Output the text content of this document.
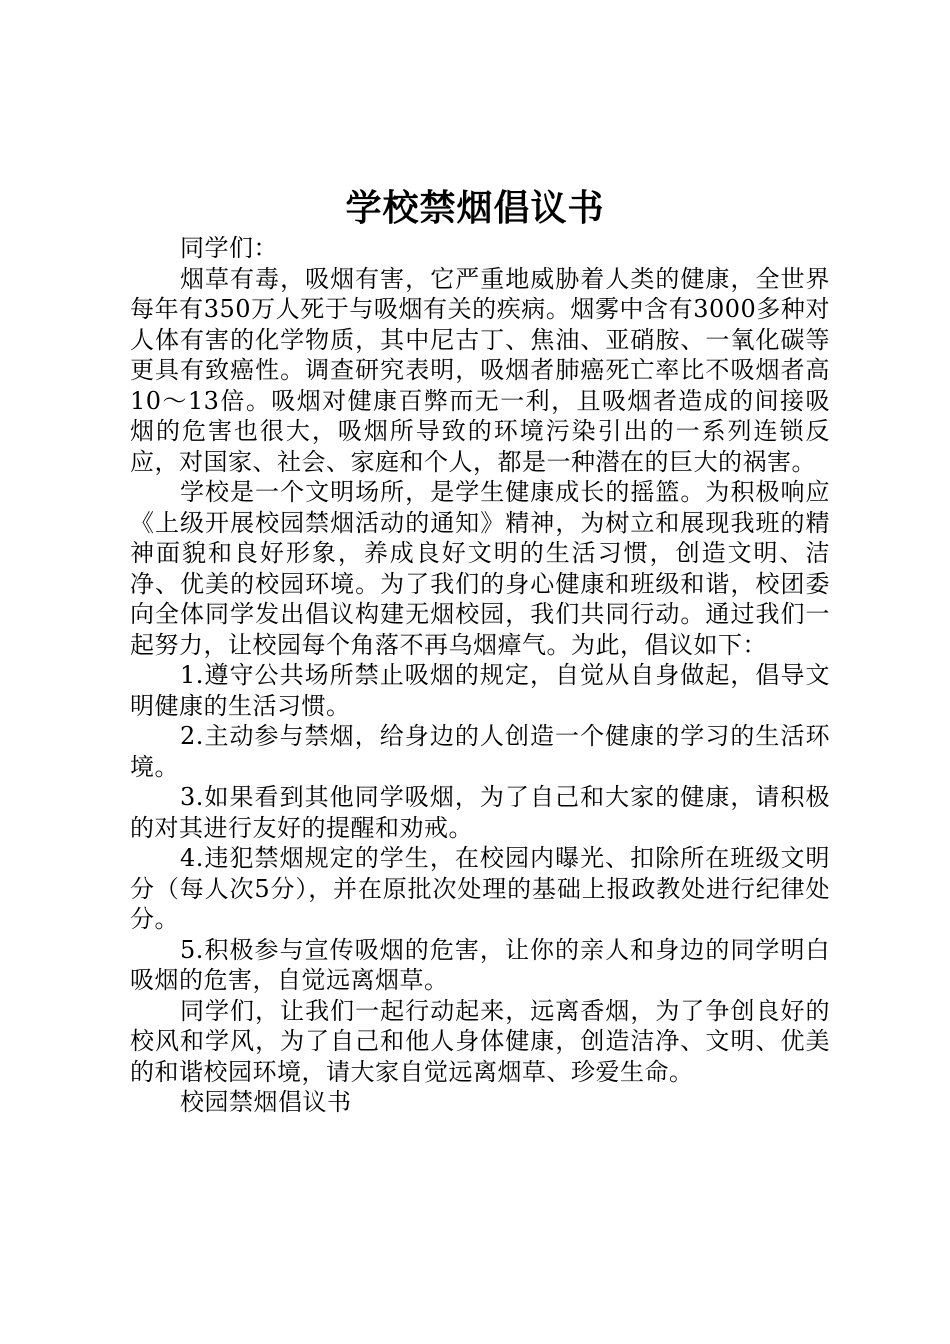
学校禁烟倡议书

同学们：

烟草有毒，吸烟有害，它严重地威胁着人类的健康，全世界每年有350万人死于与吸烟有关的疾病。烟雾中含有3000多种对人体有害的化学物质，其中尼古丁、焦油、亚硝胺、一氧化碳等更具有致癌性。调查研究表明，吸烟者肺癌死亡率比不吸烟者高10～13倍。吸烟对健康百弊而无一利，且吸烟者造成的间接吸烟的危害也很大，吸烟所导致的环境污染引出的一系列连锁反应，对国家、社会、家庭和个人，都是一种潜在的巨大的祸害。

学校是一个文明场所，是学生健康成长的摇篮。为积极响应《上级开展校园禁烟活动的通知》精神，为树立和展现我班的精神面貌和良好形象，养成良好文明的生活习惯，创造文明、洁净、优美的校园环境。为了我们的身心健康和班级和谐，校团委向全体同学发出倡议构建无烟校园，我们共同行动。通过我们一起努力，让校园每个角落不再乌烟瘴气。为此，倡议如下：

1.遵守公共场所禁止吸烟的规定，自觉从自身做起，倡导文明健康的生活习惯。

2.主动参与禁烟，给身边的人创造一个健康的学习的生活环境。

3.如果看到其他同学吸烟，为了自己和大家的健康，请积极的对其进行友好的提醒和劝戒。

4.违犯禁烟规定的学生，在校园内曝光、扣除所在班级文明分（每人次5分），并在原批次处理的基础上报政教处进行纪律处分。

5.积极参与宣传吸烟的危害，让你的亲人和身边的同学明白吸烟的危害，自觉远离烟草。

同学们，让我们一起行动起来，远离香烟，为了争创良好的校风和学风，为了自己和他人身体健康，创造洁净、文明、优美的和谐校园环境，请大家自觉远离烟草、珍爱生命。

校园禁烟倡议书
